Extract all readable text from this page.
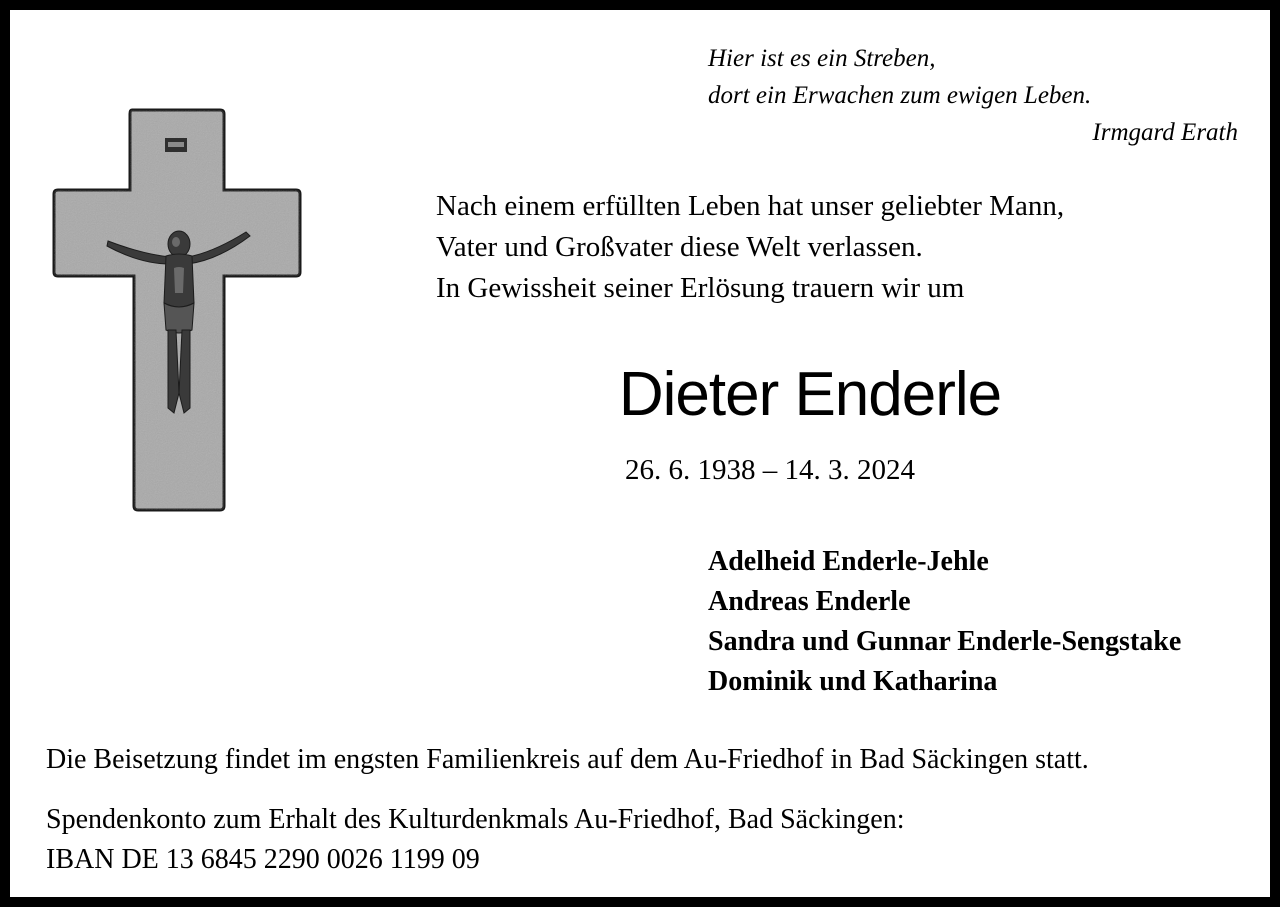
Hier ist es ein Streben,
dort ein Erwachen zum ewigen Leben.
Irmgard Erath
Nach einem erfüllten Leben hat unser geliebter Mann,
Vater und Großvater diese Welt verlassen.
In Gewissheit seiner Erlösung trauern wir um
Dieter Enderle
26. 6. 1938 – 14. 3. 2024
Adelheid Enderle-Jehle
Andreas Enderle
Sandra und Gunnar Enderle-Sengstake
Dominik und Katharina
Die Beisetzung findet im engsten Familienkreis auf dem Au-Friedhof in Bad Säckingen statt.
Spendenkonto zum Erhalt des Kulturdenkmals Au-Friedhof, Bad Säckingen:
IBAN DE 13 6845 2290 0026 1199 09
